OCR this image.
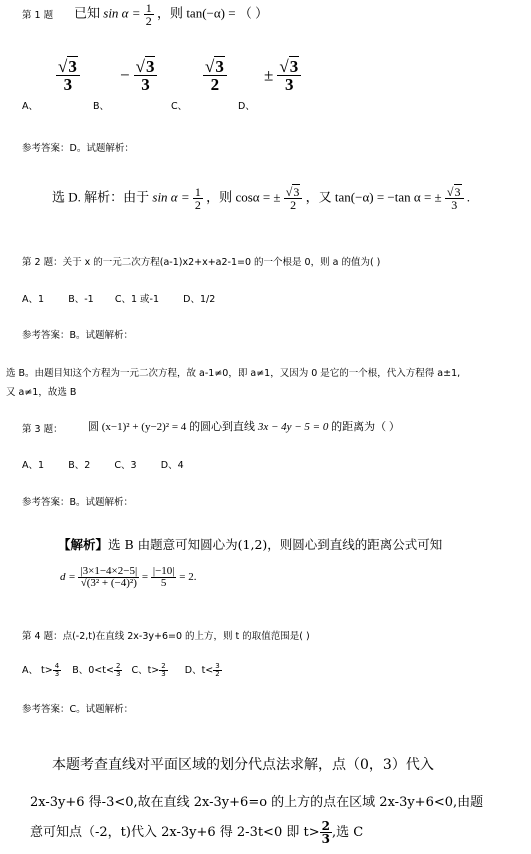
第 1 题 已知 $\sin \alpha = \frac{1}{2}$ ，则 tan(−α) = （ ）
A、
$\frac{√3}{3}$
B、
− $\frac{√3}{3}$
C、
$\frac{√3}{2}$
D、
± $\frac{√3}{3}$
参考答案：D。试题解析：
选 D. 解析：由于 $\sin \alpha = \frac{1}{2}$ ，则 cosα = ± $\frac{√3}{2}$ ，又 tan(−α) = −tan α = ± $\frac{√3}{3}$ .
第 2 题：关于 x 的一元二次方程(a-1)x2+x+a2-1=0 的一个根是 0，则 a 的值为( )
A、1        B、-1       C、1 或-1        D、1/2
参考答案：B。试题解析：
选 B。由题目知这个方程为一元二次方程，故 a-1≠0，即 a≠1，又因为 0 是它的一个根，代入方程得 a±1,
又 a≠1，故选 B
第 3 题： 圆 (x−1)² + (y−2)² = 4 的圆心到直线 3x − 4y − 5 = 0 的距离为（ ）
A、1        B、2        C、3        D、4
参考答案：B。试题解析：
【解析】选 B 由题意可知圆心为(1,2)，则圆心到直线的距离公式可知
$d = \frac{|3\times 1-4\times 2-5|}{\text{√(3² + (−4)²)}} = \frac{|-10|}{5} = 2$.
第 4 题：点(-2,t)在直线 2x-3y+6=0 的上方，则 t 的取值范围是( )
A、 $t> \frac{4}{3}$ B、$0<t< \frac{2}{3}$ C、$t> \frac{2}{3}$ D、$t< \frac{3}{2}$
参考答案：C。试题解析：
本题考查直线对平面区域的划分代点法求解，点（0，3）代入
2x-3y+6 得-3<0,故在直线 2x-3y+6=o 的上方的点在区域 2x-3y+6<0,由题
意可知点（-2，t)代入 2x-3y+6 得 2-3t<0 即 $t> \frac{2}{3}$ ,选 C
